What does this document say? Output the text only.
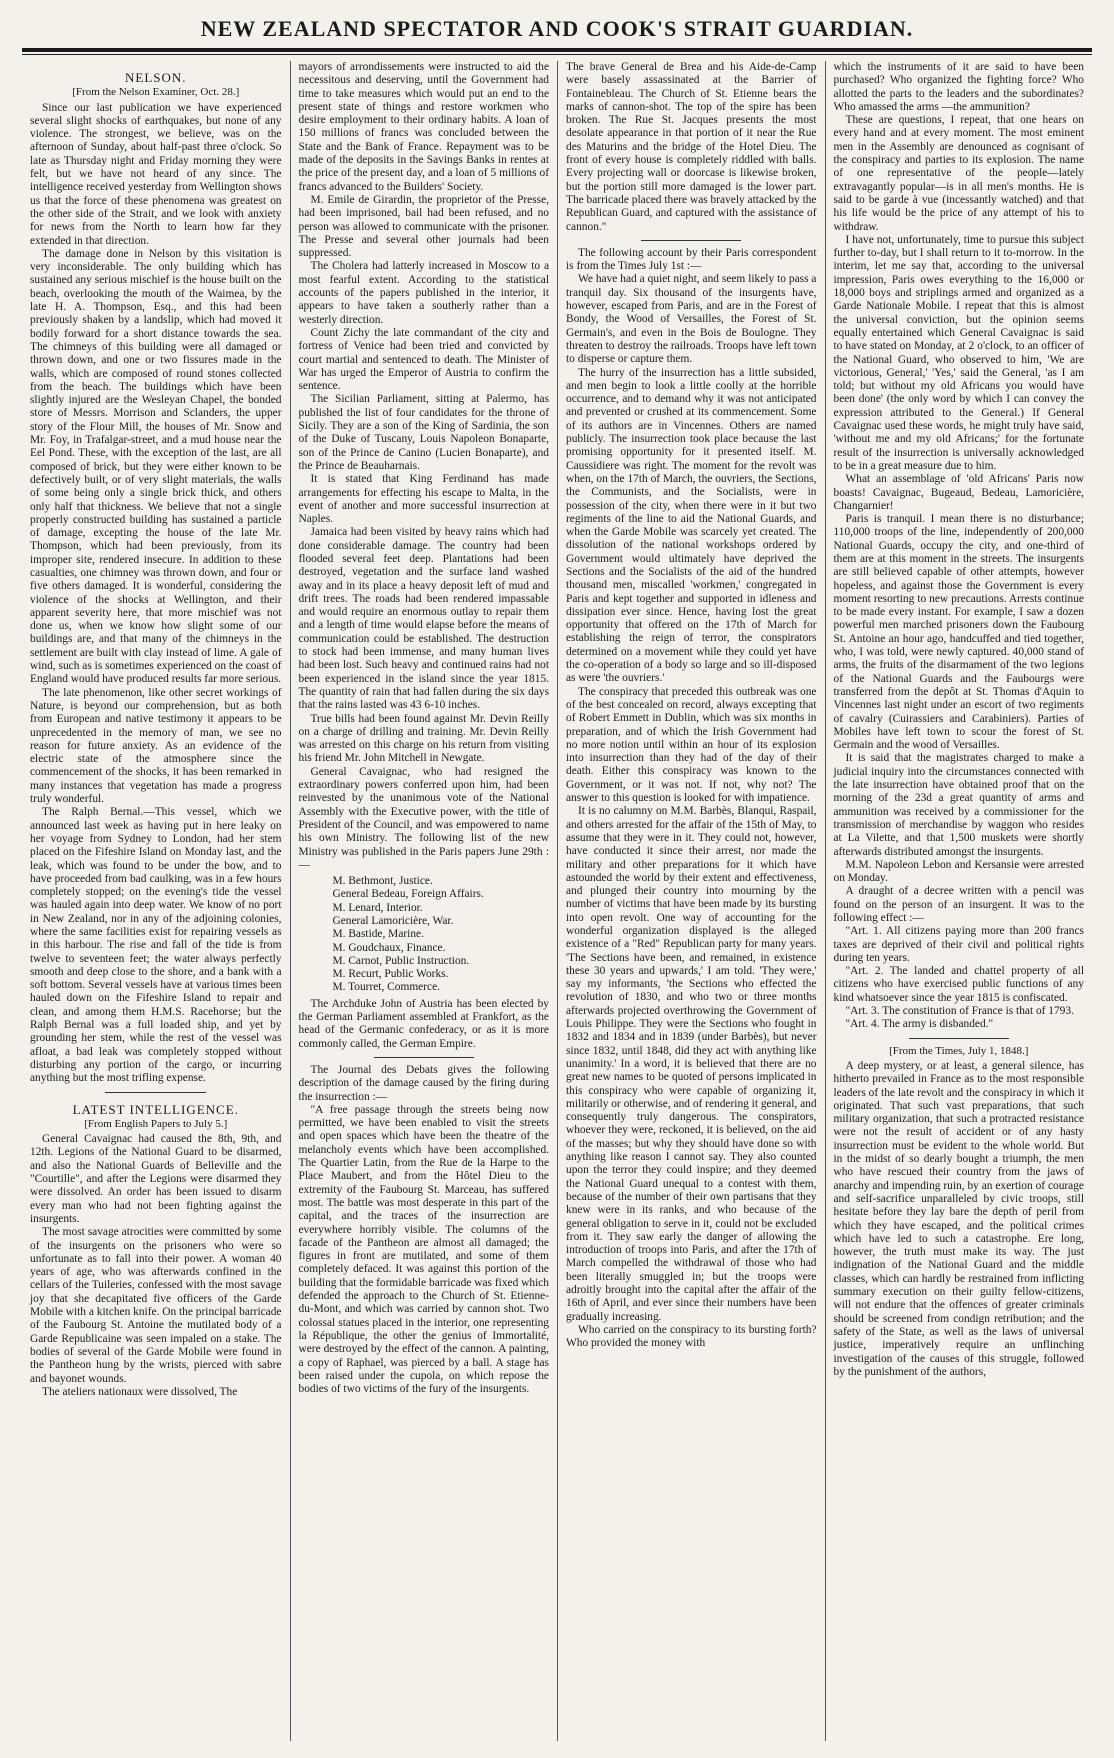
NEW ZEALAND SPECTATOR AND COOK'S STRAIT GUARDIAN.
NELSON.
[From the Nelson Examiner, Oct. 28.]

Since our last publication we have experienced several slight shocks of earthquakes, but none of any violence. The strongest, we believe, was on the afternoon of Sunday, about half-past three o'clock. So late as Thursday night and Friday morning they were felt, but we have not heard of any since. The intelligence received yesterday from Wellington shows us that the force of these phenomena was greatest on the other side of the Strait, and we look with anxiety for news from the North to learn how far they extended in that direction.

The damage done in Nelson by this visitation is very inconsiderable. The only building which has sustained any serious mischief is the house built on the beach, overlooking the mouth of the Waimea, by the late H. A. Thompson, Esq., and this had been previously shaken by a landslip, which had moved it bodily forward for a short distance towards the sea. The chimneys of this building were all damaged or thrown down, and one or two fissures made in the walls, which are composed of round stones collected from the beach. The buildings which have been slightly injured are the Wesleyan Chapel, the bonded store of Messrs. Morrison and Sclanders, the upper story of the Flour Mill, the houses of Mr. Snow and Mr. Foy, in Trafalgar-street, and a mud house near the Eel Pond. These, with the exception of the last, are all composed of brick, but they were either known to be defectively built, or of very slight materials, the walls of some being only a single brick thick, and others only half that thickness. We believe that not a single properly constructed building has sustained a particle of damage, excepting the house of the late Mr. Thompson, which had been previously, from its improper site, rendered insecure. In addition to these casualties, one chimney was thrown down, and four or five others damaged. It is wonderful, considering the violence of the shocks at Wellington, and their apparent severity here, that more mischief was not done us, when we know how slight some of our buildings are, and that many of the chimneys in the settlement are built with clay instead of lime. A gale of wind, such as is sometimes experienced on the coast of England would have produced results far more serious.

The late phenomenon, like other secret workings of Nature, is beyond our comprehension, but as both from European and native testimony it appears to be unprecedented in the memory of man, we see no reason for future anxiety. As an evidence of the electric state of the atmosphere since the commencement of the shocks, it has been remarked in many instances that vegetation has made a progress truly wonderful.

The Ralph Bernal.—This vessel, which we announced last week as having put in here leaky on her voyage from Sydney to London, had her stem placed on the Fifeshire Island on Monday last, and the leak, which was found to be under the bow, and to have proceeded from bad caulking, was in a few hours completely stopped; on the evening's tide the vessel was hauled again into deep water. We know of no port in New Zealand, nor in any of the adjoining colonies, where the same facilities exist for repairing vessels as in this harbour. The rise and fall of the tide is from twelve to seventeen feet; the water always perfectly smooth and deep close to the shore, and a bank with a soft bottom. Several vessels have at various times been hauled down on the Fifeshire Island to repair and clean, and among them H.M.S. Racehorse; but the Ralph Bernal was a full loaded ship, and yet by grounding her stem, while the rest of the vessel was afloat, a bad leak was completely stopped without disturbing any portion of the cargo, or incurring anything but the most trifling expense.

LATEST INTELLIGENCE.
[From English Papers to July 5.]

General Cavaignac had caused the 8th, 9th, and 12th. Legions of the National Guard to be disarmed, and also the National Guards of Belleville and the "Courtille", and after the Legions were disarmed they were dissolved. An order has been issued to disarm every man who had not been fighting against the insurgents.

The most savage atrocities were committed by some of the insurgents on the prisoners who were so unfortunate as to fall into their power. A woman 40 years of age, who was afterwards confined in the cellars of the Tuileries, confessed with the most savage joy that she decapitated five officers of the Garde Mobile with a kitchen knife. On the principal barricade of the Faubourg St. Antoine the mutilated body of a Garde Republicaine was seen impaled on a stake. The bodies of several of the Garde Mobile were found in the Pantheon hung by the wrists, pierced with sabre and bayonet wounds.

The ateliers nationaux were dissolved, The

mayors of arrondissements were instructed to aid the necessitous and deserving, until the Government had time to take measures which would put an end to the present state of things and restore workmen who desire employment to their ordinary habits. A loan of 150 millions of francs was concluded between the State and the Bank of France. Repayment was to be made of the deposits in the Savings Banks in rentes at the price of the present day, and a loan of 5 millions of francs advanced to the Builders' Society.

M. Emile de Girardin, the proprietor of the Presse, had been imprisoned, bail had been refused, and no person was allowed to communicate with the prisoner. The Presse and several other journals had been suppressed.

The Cholera had latterly increased in Moscow to a most fearful extent. According to the statistical accounts of the papers published in the interior, it appears to have taken a southerly rather than a westerly direction.

Count Zichy the late commandant of the city and fortress of Venice had been tried and convicted by court martial and sentenced to death. The Minister of War has urged the Emperor of Austria to confirm the sentence.

The Sicilian Parliament, sitting at Palermo, has published the list of four candidates for the throne of Sicily. They are a son of the King of Sardinia, the son of the Duke of Tuscany, Louis Napoleon Bonaparte, son of the Prince de Canino (Lucien Bonaparte), and the Prince de Beauharnais.

It is stated that King Ferdinand has made arrangements for effecting his escape to Malta, in the event of another and more successful insurrection at Naples.

Jamaica had been visited by heavy rains which had done considerable damage. The country had been flooded several feet deep. Plantations had been destroyed, vegetation and the surface land washed away and in its place a heavy deposit left of mud and drift trees. The roads had been rendered impassable and would require an enormous outlay to repair them and a length of time would elapse before the means of communication could be established. The destruction to stock had been immense, and many human lives had been lost. Such heavy and continued rains had not been experienced in the island since the year 1815. The quantity of rain that had fallen during the six days that the rains lasted was 43 6-10 inches.

True bills had been found against Mr. Devin Reilly on a charge of drilling and training. Mr. Devin Reilly was arrested on this charge on his return from visiting his friend Mr. John Mitchell in Newgate.

General Cavaignac, who had resigned the extraordinary powers conferred upon him, had been reinvested by the unanimous vote of the National Assembly with the Executive power, with the title of President of the Council, and was empowered to name his own Ministry. The following list of the new Ministry was published in the Paris papers June 29th :—

M. Bethmont, Justice.
General Bedeau, Foreign Affairs.
M. Lenard, Interior.
General Lamoricière, War.
M. Bastide, Marine.
M. Goudchaux, Finance.
M. Carnot, Public Instruction.
M. Recurt, Public Works.
M. Tourret, Commerce.

The Archduke John of Austria has been elected by the German Parliament assembled at Frankfort, as the head of the Germanic confederacy, or as it is more commonly called, the German Empire.

The Journal des Debats gives the following description of the damage caused by the firing during the insurrection :—

"A free passage through the streets being now permitted, we have been enabled to visit the streets and open spaces which have been the theatre of the melancholy events which have been accomplished. The Quartier Latin, from the Rue de la Harpe to the Place Maubert, and from the Hôtel Dieu to the extremity of the Faubourg St. Marceau, has suffered most. The battle was most desperate in this part of the capital, and the traces of the insurrection are everywhere horribly visible. The columns of the facade of the Pantheon are almost all damaged; the figures in front are mutilated, and some of them completely defaced. It was against this portion of the building that the formidable barricade was fixed which defended the approach to the Church of St. Etienne-du-Mont, and which was carried by cannon shot. Two colossal statues placed in the interior, one representing la République, the other the genius of Immortalité, were destroyed by the effect of the cannon. A painting, a copy of Raphael, was pierced by a ball. A stage has been raised under the cupola, on which repose the bodies of two victims of the fury of the insurgents.

The brave General de Brea and his Aide-de-Camp were basely assassinated at the Barrier of Fontainebleau. The Church of St. Etienne bears the marks of cannon-shot. The top of the spire has been broken. The Rue St. Jacques presents the most desolate appearance in that portion of it near the Rue des Maturins and the bridge of the Hotel Dieu. The front of every house is completely riddled with balls. Every projecting wall or doorcase is likewise broken, but the portion still more damaged is the lower part. The barricade placed there was bravely attacked by the Republican Guard, and captured with the assistance of cannon."

The following account by their Paris correspondent is from the Times July 1st :—

We have had a quiet night, and seem likely to pass a tranquil day. Six thousand of the insurgents have, however, escaped from Paris, and are in the Forest of Bondy, the Wood of Versailles, the Forest of St. Germain's, and even in the Bois de Boulogne. They threaten to destroy the railroads. Troops have left town to disperse or capture them.

The hurry of the insurrection has a little subsided, and men begin to look a little coolly at the horrible occurrence, and to demand why it was not anticipated and prevented or crushed at its commencement. Some of its authors are in Vincennes. Others are named publicly. The insurrection took place because the last promising opportunity for it presented itself. M. Caussidiere was right. The moment for the revolt was when, on the 17th of March, the ouvriers, the Sections, the Communists, and the Socialists, were in possession of the city, when there were in it but two regiments of the line to aid the National Guards, and when the Garde Mobile was scarcely yet created. The dissolution of the national workshops ordered by Government would ultimately have deprived the Sections and the Socialists of the aid of the hundred thousand men, miscalled 'workmen,' congregated in Paris and kept together and supported in idleness and dissipation ever since. Hence, having lost the great opportunity that offered on the 17th of March for establishing the reign of terror, the conspirators determined on a movement while they could yet have the co-operation of a body so large and so ill-disposed as were 'the ouvriers.'

The conspiracy that preceded this outbreak was one of the best concealed on record, always excepting that of Robert Emmett in Dublin, which was six months in preparation, and of which the Irish Government had no more notion until within an hour of its explosion into insurrection than they had of the day of their death. Either this conspiracy was known to the Government, or it was not. If not, why not? The answer to this question is looked for with impatience.

It is no calumny on M.M. Barbès, Blanqui, Raspail, and others arrested for the affair of the 15th of May, to assume that they were in it. They could not, however, have conducted it since their arrest, nor made the military and other preparations for it which have astounded the world by their extent and effectiveness, and plunged their country into mourning by the number of victims that have been made by its bursting into open revolt. One way of accounting for the wonderful organization displayed is the alleged existence of a "Red" Republican party for many years. 'The Sections have been, and remained, in existence these 30 years and upwards,' I am told. 'They were,' say my informants, 'the Sections who effected the revolution of 1830, and who two or three months afterwards projected overthrowing the Government of Louis Philippe. They were the Sections who fought in 1832 and 1834 and in 1839 (under Barbès), but never since 1832, until 1848, did they act with anything like unanimity.' In a word, it is believed that there are no great new names to be quoted of persons implicated in this conspiracy who were capable of organizing it, militarily or otherwise, and of rendering it general, and consequently truly dangerous. The conspirators, whoever they were, reckoned, it is believed, on the aid of the masses; but why they should have done so with anything like reason I cannot say. They also counted upon the terror they could inspire; and they deemed the National Guard unequal to a contest with them, because of the number of their own partisans that they knew were in its ranks, and who because of the general obligation to serve in it, could not be excluded from it. They saw early the danger of allowing the introduction of troops into Paris, and after the 17th of March compelled the withdrawal of those who had been literally smuggled in; but the troops were adroitly brought into the capital after the affair of the 16th of April, and ever since their numbers have been gradually increasing.

Who carried on the conspiracy to its bursting forth? Who provided the money with

which the instruments of it are said to have been purchased? Who organized the fighting force? Who allotted the parts to the leaders and the subordinates? Who amassed the arms —the ammunition?

These are questions, I repeat, that one hears on every hand and at every moment. The most eminent men in the Assembly are denounced as cognisant of the conspiracy and parties to its explosion. The name of one representative of the people—lately extravagantly popular—is in all men's months. He is said to be garde à vue (incessantly watched) and that his life would be the price of any attempt of his to withdraw.

I have not, unfortunately, time to pursue this subject further to-day, but I shall return to it to-morrow. In the interim, let me say that, according to the universal impression, Paris owes everything to the 16,000 or 18,000 boys and striplings armed and organized as a Garde Nationale Mobile. I repeat that this is almost the universal conviction, but the opinion seems equally entertained which General Cavaignac is said to have stated on Monday, at 2 o'clock, to an officer of the National Guard, who observed to him, 'We are victorious, General,' 'Yes,' said the General, 'as I am told; but without my old Africans you would have been done' (the only word by which I can convey the expression attributed to the General.) If General Cavaignac used these words, he might truly have said, 'without me and my old Africans;' for the fortunate result of the insurrection is universally acknowledged to be in a great measure due to him.

What an assemblage of 'old Africans' Paris now boasts! Cavaignac, Bugeaud, Bedeau, Lamoricière, Changarnier!

Paris is tranquil. I mean there is no disturbance; 110,000 troops of the line, independently of 200,000 National Guards, occupy the city, and one-third of them are at this moment in the streets. The insurgents are still believed capable of other attempts, however hopeless, and against those the Government is every moment resorting to new precautions. Arrests continue to be made every instant. For example, I saw a dozen powerful men marched prisoners down the Faubourg St. Antoine an hour ago, handcuffed and tied together, who, I was told, were newly captured. 40,000 stand of arms, the fruits of the disarmament of the two legions of the National Guards and the Faubourgs were transferred from the depôt at St. Thomas d'Aquin to Vincennes last night under an escort of two regiments of cavalry (Cuirassiers and Carabiniers). Parties of Mobiles have left town to scour the forest of St. Germain and the wood of Versailles.

It is said that the magistrates charged to make a judicial inquiry into the circumstances connected with the late insurrection have obtained proof that on the morning of the 23d a great quantity of arms and ammunition was received by a commissioner for the transmission of merchandise by waggon who resides at La Vilette, and that 1,500 muskets were shortly afterwards distributed amongst the insurgents.

M.M. Napoleon Lebon and Kersansie were arrested on Monday.

A draught of a decree written with a pencil was found on the person of an insurgent. It was to the following effect :—

"Art. 1. All citizens paying more than 200 francs taxes are deprived of their civil and political rights during ten years.

"Art. 2. The landed and chattel property of all citizens who have exercised public functions of any kind whatsoever since the year 1815 is confiscated.

"Art. 3. The constitution of France is that of 1793.

"Art. 4. The army is disbanded."

[From the Times, July 1, 1848.]

A deep mystery, or at least, a general silence, has hitherto prevailed in France as to the most responsible leaders of the late revolt and the conspiracy in which it originated. That such vast preparations, that such military organization, that such a protracted resistance were not the result of accident or of any hasty insurrection must be evident to the whole world. But in the midst of so dearly bought a triumph, the men who have rescued their country from the jaws of anarchy and impending ruin, by an exertion of courage and self-sacrifice unparalleled by civic troops, still hesitate before they lay bare the depth of peril from which they have escaped, and the political crimes which have led to such a catastrophe. Ere long, however, the truth must make its way. The just indignation of the National Guard and the middle classes, which can hardly be restrained from inflicting summary execution on their guilty fellow-citizens, will not endure that the offences of greater criminals should be screened from condign retribution; and the safety of the State, as well as the laws of universal justice, imperatively require an unflinching investigation of the causes of this struggle, followed by the punishment of the authors,
